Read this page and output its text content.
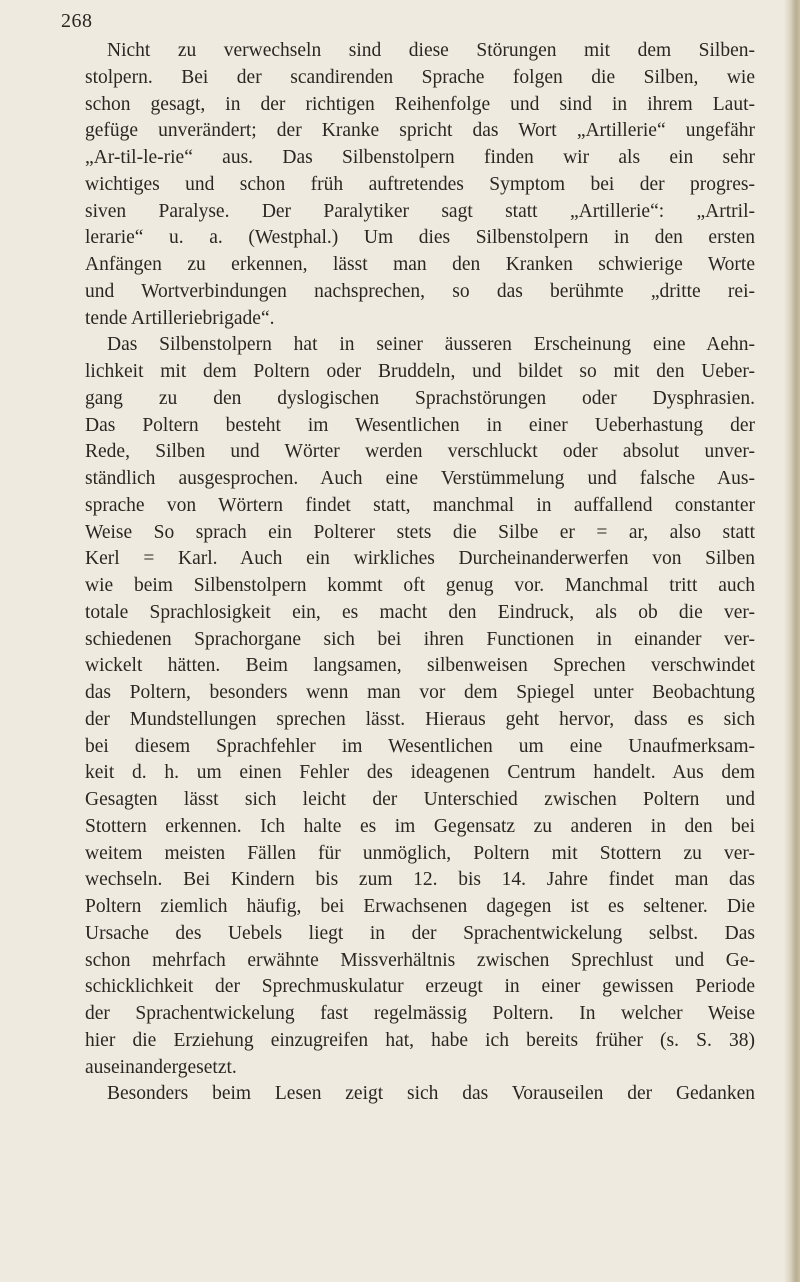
268
Nicht zu verwechseln sind diese Störungen mit dem Silben-
stolpern. Bei der scandirenden Sprache folgen die Silben, wie
schon gesagt, in der richtigen Reihenfolge und sind in ihrem Laut-
gefüge unverändert; der Kranke spricht das Wort „Artillerie“ ungefähr
„Ar-til-le-rie“ aus. Das Silbenstolpern finden wir als ein sehr
wichtiges und schon früh auftretendes Symptom bei der progres-
siven Paralyse. Der Paralytiker sagt statt „Artillerie“: „Artril-
lerarie“ u. a. (Westphal.) Um dies Silbenstolpern in den ersten
Anfängen zu erkennen, lässt man den Kranken schwierige Worte
und Wortverbindungen nachsprechen, so das berühmte „dritte rei-
tende Artilleriebrigade“.
Das Silbenstolpern hat in seiner äusseren Erscheinung eine Aehn-
lichkeit mit dem Poltern oder Bruddeln, und bildet so mit den Ueber-
gang zu den dyslogischen Sprachstörungen oder Dysphrasien.
Das Poltern besteht im Wesentlichen in einer Ueberhastung der
Rede, Silben und Wörter werden verschluckt oder absolut unver-
ständlich ausgesprochen. Auch eine Verstümmelung und falsche Aus-
sprache von Wörtern findet statt, manchmal in auffallend constanter
Weise So sprach ein Polterer stets die Silbe er = ar, also statt
Kerl = Karl. Auch ein wirkliches Durcheinanderwerfen von Silben
wie beim Silbenstolpern kommt oft genug vor. Manchmal tritt auch
totale Sprachlosigkeit ein, es macht den Eindruck, als ob die ver-
schiedenen Sprachorgane sich bei ihren Functionen in einander ver-
wickelt hätten. Beim langsamen, silbenweisen Sprechen verschwindet
das Poltern, besonders wenn man vor dem Spiegel unter Beobachtung
der Mundstellungen sprechen lässt. Hieraus geht hervor, dass es sich
bei diesem Sprachfehler im Wesentlichen um eine Unaufmerksam-
keit d. h. um einen Fehler des ideagenen Centrum handelt. Aus dem
Gesagten lässt sich leicht der Unterschied zwischen Poltern und
Stottern erkennen. Ich halte es im Gegensatz zu anderen in den bei
weitem meisten Fällen für unmöglich, Poltern mit Stottern zu ver-
wechseln. Bei Kindern bis zum 12. bis 14. Jahre findet man das
Poltern ziemlich häufig, bei Erwachsenen dagegen ist es seltener. Die
Ursache des Uebels liegt in der Sprachentwickelung selbst. Das
schon mehrfach erwähnte Missverhältnis zwischen Sprechlust und Ge-
schicklichkeit der Sprechmuskulatur erzeugt in einer gewissen Periode
der Sprachentwickelung fast regelmässig Poltern. In welcher Weise
hier die Erziehung einzugreifen hat, habe ich bereits früher (s. S. 38)
auseinandergesetzt.
Besonders beim Lesen zeigt sich das Vorauseilen der Gedanken
